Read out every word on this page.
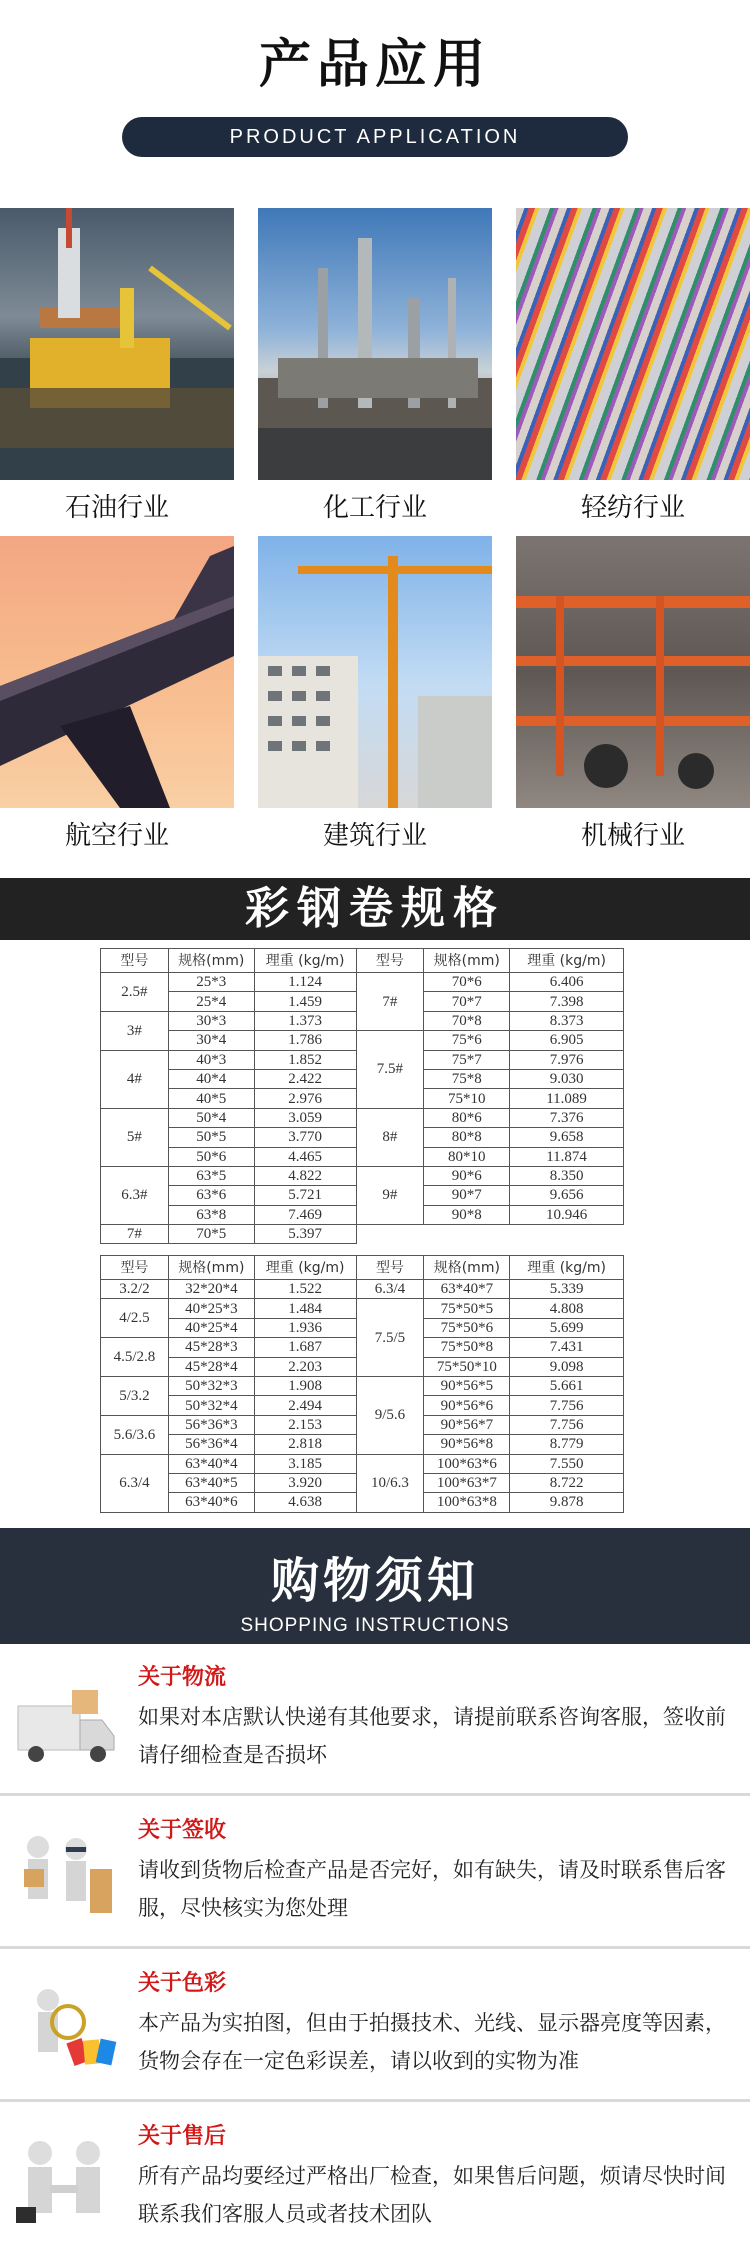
产品应用
PRODUCT APPLICATION
石油行业	化工行业	轻纺行业
航空行业	建筑行业	机械行业
彩钢卷规格
型号	规格(mm)	理重 (kg/m)	型号	规格(mm)	理重 (kg/m)
2.5#	25*3	1.124	7#	70*6	6.406
	25*4	1.459		70*7	7.398
3#	30*3	1.373		70*8	8.373
	30*4	1.786	7.5#	75*6	6.905
4#	40*3	1.852		75*7	7.976
	40*4	2.422		75*8	9.030
	40*5	2.976		75*10	11.089
5#	50*4	3.059	8#	80*6	7.376
	50*5	3.770		80*8	9.658
	50*6	4.465		80*10	11.874
6.3#	63*5	4.822	9#	90*6	8.350
	63*6	5.721		90*7	9.656
	63*8	7.469		90*8	10.946
7#	70*5	5.397			
型号	规格(mm)	理重 (kg/m)	型号	规格(mm)	理重 (kg/m)
3.2/2	32*20*4	1.522	6.3/4	63*40*7	5.339
4/2.5	40*25*3	1.484	7.5/5	75*50*5	4.808
	40*25*4	1.936		75*50*6	5.699
4.5/2.8	45*28*3	1.687		75*50*8	7.431
	45*28*4	2.203		75*50*10	9.098
5/3.2	50*32*3	1.908	9/5.6	90*56*5	5.661
	50*32*4	2.494		90*56*6	7.756
5.6/3.6	56*36*3	2.153		90*56*7	7.756
	56*36*4	2.818		90*56*8	8.779
6.3/4	63*40*4	3.185	10/6.3	100*63*6	7.550
	63*40*5	3.920		100*63*7	8.722
	63*40*6	4.638		100*63*8	9.878
购物须知
SHOPPING INSTRUCTIONS
关于物流

如果对本店默认快递有其他要求，请提前联系咨询客服，签收前请仔细检查是否损坏

关于签收

请收到货物后检查产品是否完好，如有缺失，请及时联系售后客服，尽快核实为您处理

关于色彩

本产品为实拍图，但由于拍摄技术、光线、显示器亮度等因素，货物会存在一定色彩误差，请以收到的实物为准

关于售后

所有产品均要经过严格出厂检查，如果售后问题，烦请尽快时间联系我们客服人员或者技术团队
